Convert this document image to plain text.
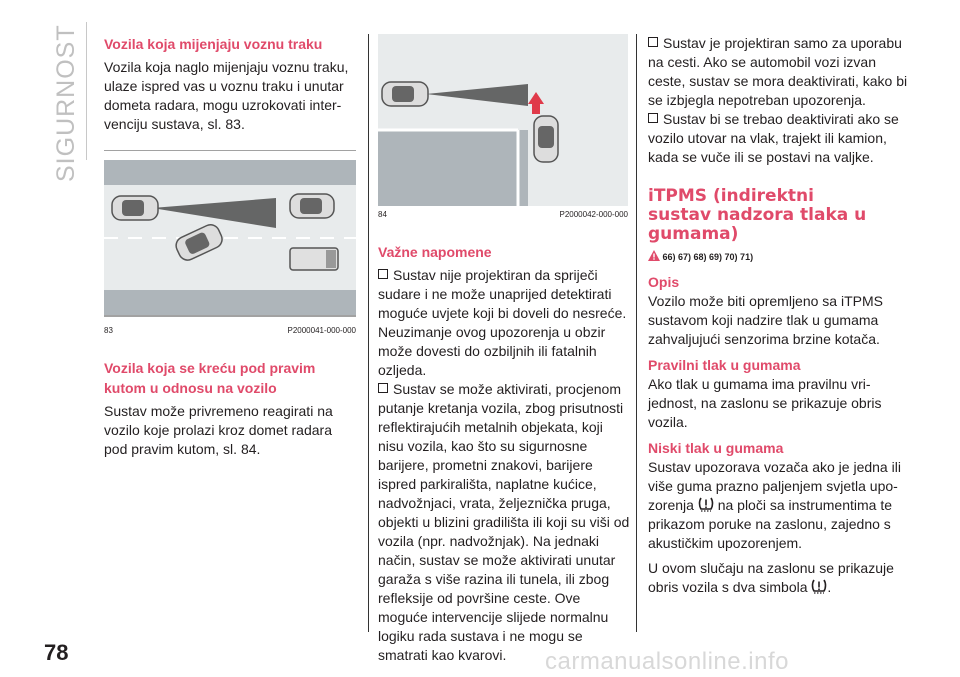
SIGURNOST
78
Vozila koja mijenjaju voznu traku

Vozila koja naglo mijenjaju voznu traku, ulaze ispred vas u voznu traku i unutar dometa radara, mogu uzrokovati inter-venciju sustava, sl. 83.

83	P2000041-000-000
Vozila koja se kreću pod pravim kutom u odnosu na vozilo

Sustav može privremeno reagirati na vozilo koje prolazi kroz domet radara pod pravim kutom, sl. 84.

84	P2000042-000-000
Važne napomene

Sustav nije projektiran da spriječi sudare i ne može unaprijed detektirati moguće uvjete koji bi doveli do nesreće. Neuzimanje ovog upozorenja u obzir može dovesti do ozbiljnih ili fatalnih ozljeda.

Sustav se može aktivirati, procjenom putanje kretanja vozila, zbog prisutnosti reflektirajućih metalnih objekata, koji nisu vozila, kao što su sigurnosne barijere, prometni znakovi, barijere ispred parkirališta, naplatne kućice, nadvožnjaci, vrata, željeznička pruga, objekti u blizini gradilišta ili koji su viši od vozila (npr. nadvožnjak). Na jednaki način, sustav se može aktivirati unutar garaža s više razina ili tunela, ili zbog refleksije od površine ceste. Ove moguće intervencije slijede normalnu logiku rada sustava i ne mogu se smatrati kao kvarovi.

Sustav je projektiran samo za uporabu na cesti. Ako se automobil vozi izvan ceste, sustav se mora deaktivirati, kako bi se izbjegla nepotreban upozorenja.

Sustav bi se trebao deaktivirati ako se vozilo utovar na vlak, trajekt ili kamion, kada se vuče ili se postavi na valjke.

iTPMS (indirektni
sustav nadzora tlaka u
gumama)
66) 67) 68) 69) 70) 71)
Opis

Vozilo može biti opremljeno sa iTPMS sustavom koji nadzire tlak u gumama zahvaljujući senzorima brzine kotača.

Pravilni tlak u gumama

Ako tlak u gumama ima pravilnu vri-jednost, na zaslonu se prikazuje obris vozila.

Niski tlak u gumama

Sustav upozorava vozača ako je jedna ili više guma prazno paljenjem svjetla upo-zorenja na ploči sa instrumentima te prikazom poruke na zaslonu, zajedno s akustičkim upozorenjem.

U ovom slučaju na zaslonu se prikazuje obris vozila s dva simbola .

carmanualsonline.info
